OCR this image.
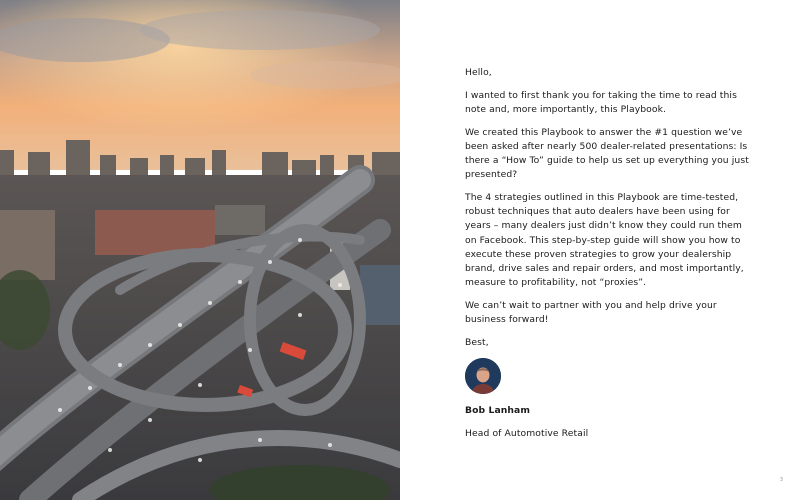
Hello,

I wanted to first thank you for taking the time to read this note and, more importantly, this Playbook.

We created this Playbook to answer the #1 question we’ve been asked after nearly 500 dealer-related presentations: Is there a “How To” guide to help us set up everything you just presented?

The 4 strategies outlined in this Playbook are time-tested, robust techniques that auto dealers have been using for years – many dealers just didn’t know they could run them on Facebook. This step-by-step guide will show you how to execute these proven strategies to grow your dealership brand, drive sales and repair orders, and most importantly, measure to profitability, not “proxies”.

We can’t wait to partner with you and help drive your business forward!

Best,

Bob Lanham

Head of Automotive Retail

3
